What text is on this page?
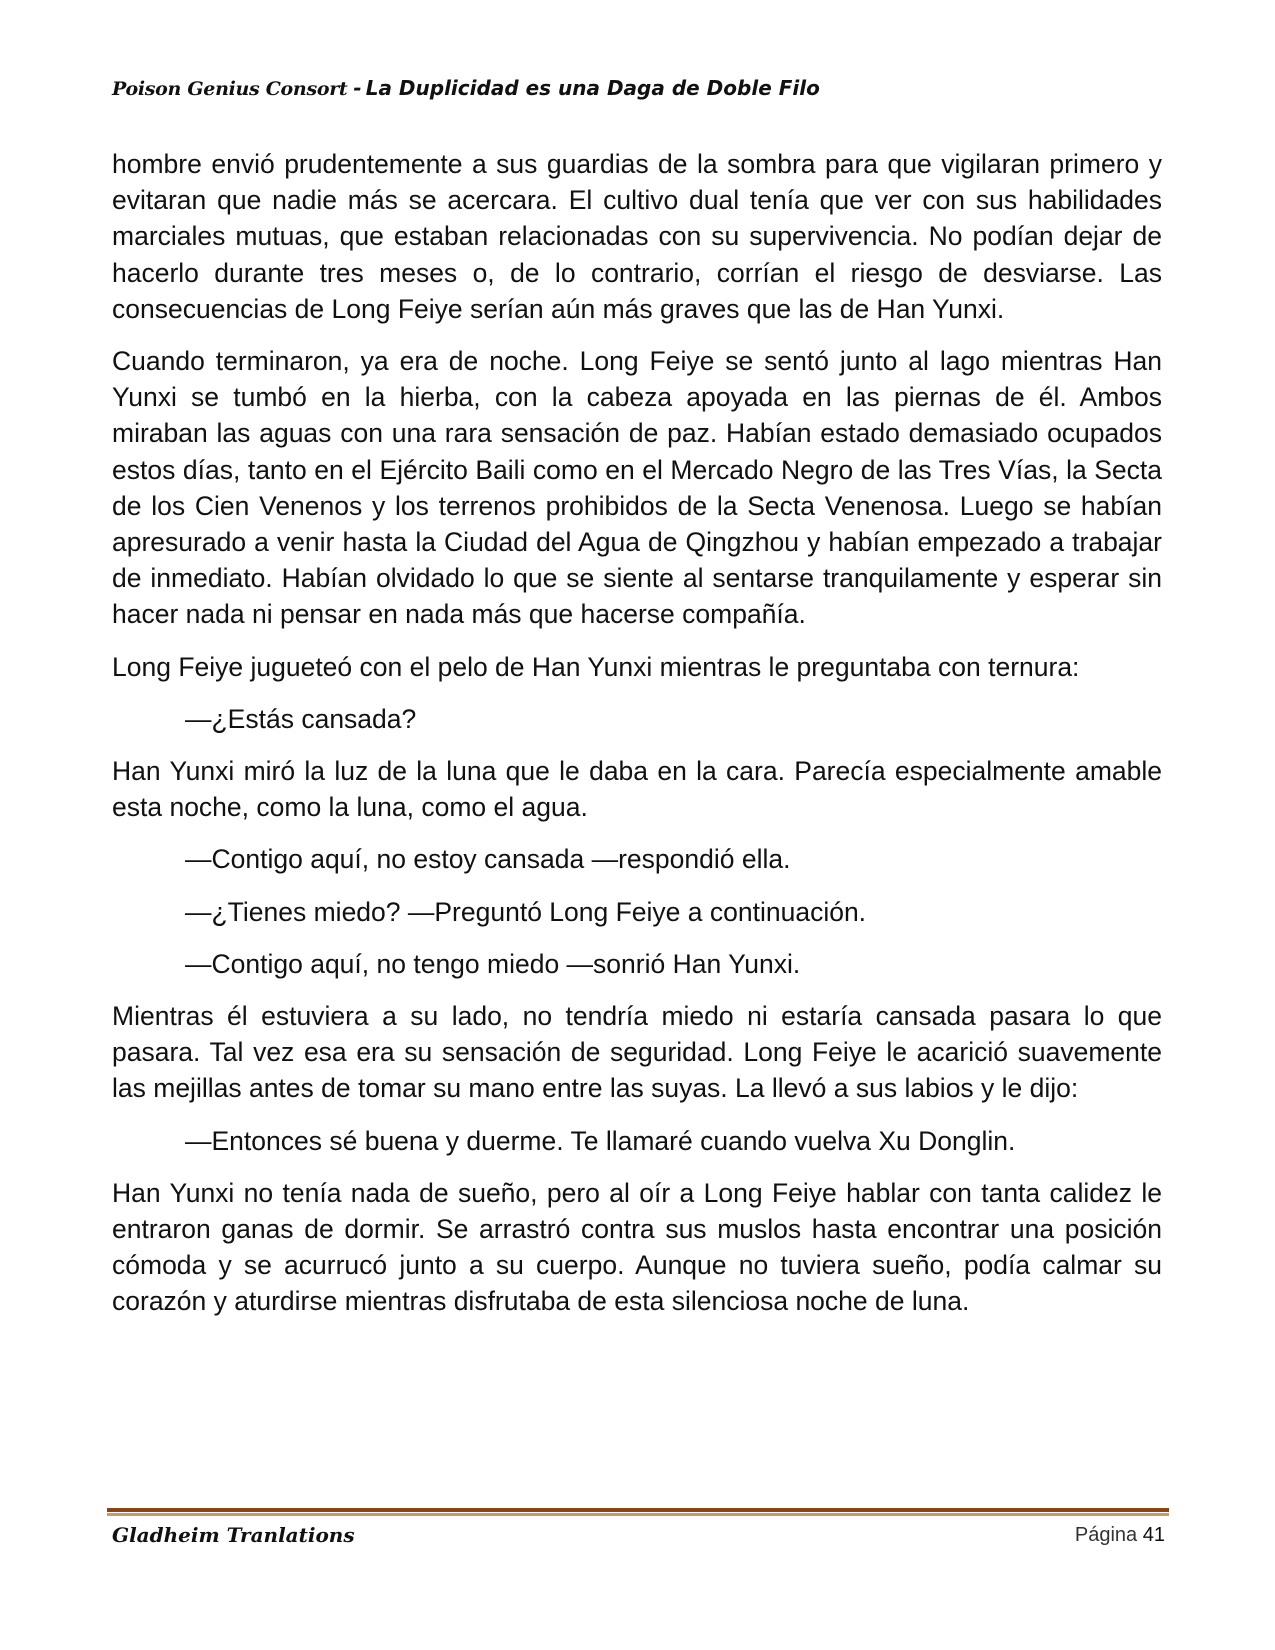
Poison Genius Consort - La Duplicidad es una Daga de Doble Filo

hombre envió prudentemente a sus guardias de la sombra para que vigilaran primero y evitaran que nadie más se acercara. El cultivo dual tenía que ver con sus habilidades marciales mutuas, que estaban relacionadas con su supervivencia. No podían dejar de hacerlo durante tres meses o, de lo contrario, corrían el riesgo de desviarse. Las consecuencias de Long Feiye serían aún más graves que las de Han Yunxi.

Cuando terminaron, ya era de noche. Long Feiye se sentó junto al lago mientras Han Yunxi se tumbó en la hierba, con la cabeza apoyada en las piernas de él. Ambos miraban las aguas con una rara sensación de paz. Habían estado demasiado ocupados estos días, tanto en el Ejército Baili como en el Mercado Negro de las Tres Vías, la Secta de los Cien Venenos y los terrenos prohibidos de la Secta Venenosa. Luego se habían apresurado a venir hasta la Ciudad del Agua de Qingzhou y habían empezado a trabajar de inmediato. Habían olvidado lo que se siente al sentarse tranquilamente y esperar sin hacer nada ni pensar en nada más que hacerse compañía.

Long Feiye jugueteó con el pelo de Han Yunxi mientras le preguntaba con ternura:

—¿Estás cansada?

Han Yunxi miró la luz de la luna que le daba en la cara. Parecía especialmente amable esta noche, como la luna, como el agua.

—Contigo aquí, no estoy cansada —respondió ella.

—¿Tienes miedo? —Preguntó Long Feiye a continuación.

—Contigo aquí, no tengo miedo —sonrió Han Yunxi.

Mientras él estuviera a su lado, no tendría miedo ni estaría cansada pasara lo que pasara. Tal vez esa era su sensación de seguridad. Long Feiye le acarició suavemente las mejillas antes de tomar su mano entre las suyas. La llevó a sus labios y le dijo:

—Entonces sé buena y duerme. Te llamaré cuando vuelva Xu Donglin.

Han Yunxi no tenía nada de sueño, pero al oír a Long Feiye hablar con tanta calidez le entraron ganas de dormir. Se arrastró contra sus muslos hasta encontrar una posición cómoda y se acurrucó junto a su cuerpo. Aunque no tuviera sueño, podía calmar su corazón y aturdirse mientras disfrutaba de esta silenciosa noche de luna.

Gladheim Tranlations	Página 41
